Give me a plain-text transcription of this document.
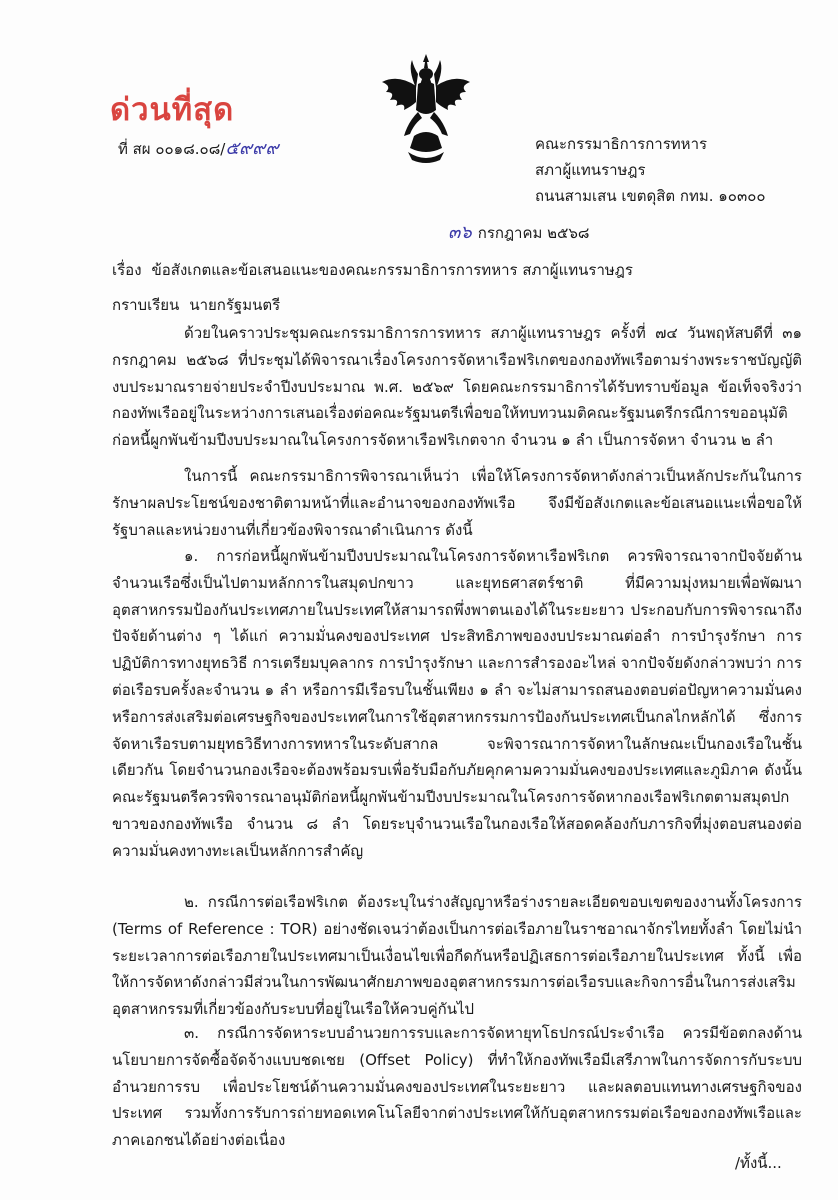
ด่วนที่สุด
ที่ สผ ๐๐๑๘.๐๘/๕๙๙๙	คณะกรรมาธิการการทหาร
สภาผู้แทนราษฎร
ถนนสามเสน เขตดุสิต กทม. ๑๐๓๐๐
๓๖ กรกฎาคม ๒๕๖๘
เรื่อง ข้อสังเกตและข้อเสนอแนะของคณะกรรมาธิการการทหาร สภาผู้แทนราษฎร
กราบเรียน นายกรัฐมนตรี
ด้วยในคราวประชุมคณะกรรมาธิการการทหาร สภาผู้แทนราษฎร ครั้งที่ ๗๔ วันพฤหัสบดีที่ ๓๑ กรกฎาคม ๒๕๖๘ ที่ประชุมได้พิจารณาเรื่องโครงการจัดหาเรือฟริเกตของกองทัพเรือตามร่างพระราชบัญญัติงบประมาณรายจ่ายประจำปีงบประมาณ พ.ศ. ๒๕๖๙ โดยคณะกรรมาธิการได้รับทราบข้อมูล ข้อเท็จจริงว่า กองทัพเรืออยู่ในระหว่างการเสนอเรื่องต่อคณะรัฐมนตรีเพื่อขอให้ทบทวนมติคณะรัฐมนตรีกรณีการขออนุมัติก่อหนี้ผูกพันข้ามปีงบประมาณในโครงการจัดหาเรือฟริเกตจาก จำนวน ๑ ลำ เป็นการจัดหา จำนวน ๒ ลำ
ในการนี้ คณะกรรมาธิการพิจารณาเห็นว่า เพื่อให้โครงการจัดหาดังกล่าวเป็นหลักประกันในการรักษาผลประโยชน์ของชาติตามหน้าที่และอำนาจของกองทัพเรือ จึงมีข้อสังเกตและข้อเสนอแนะเพื่อขอให้รัฐบาลและหน่วยงานที่เกี่ยวข้องพิจารณาดำเนินการ ดังนี้
๑. การก่อหนี้ผูกพันข้ามปีงบประมาณในโครงการจัดหาเรือฟริเกต ควรพิจารณาจากปัจจัยด้านจำนวนเรือซึ่งเป็นไปตามหลักการในสมุดปกขาว และยุทธศาสตร์ชาติ ที่มีความมุ่งหมายเพื่อพัฒนาอุตสาหกรรมป้องกันประเทศภายในประเทศให้สามารถพึ่งพาตนเองได้ในระยะยาว ประกอบกับการพิจารณาถึงปัจจัยด้านต่าง ๆ ได้แก่ ความมั่นคงของประเทศ ประสิทธิภาพของงบประมาณต่อลำ การบำรุงรักษา การปฏิบัติการทางยุทธวิธี การเตรียมบุคลากร การบำรุงรักษา และการสำรองอะไหล่ จากปัจจัยดังกล่าวพบว่า การต่อเรือรบครั้งละจำนวน ๑ ลำ หรือการมีเรือรบในชั้นเพียง ๑ ลำ จะไม่สามารถสนองตอบต่อปัญหาความมั่นคงหรือการส่งเสริมต่อเศรษฐกิจของประเทศในการใช้อุตสาหกรรมการป้องกันประเทศเป็นกลไกหลักได้ ซึ่งการจัดหาเรือรบตามยุทธวิธีทางการทหารในระดับสากล จะพิจารณาการจัดหาในลักษณะเป็นกองเรือในชั้นเดียวกัน โดยจำนวนกองเรือจะต้องพร้อมรบเพื่อรับมือกับภัยคุกคามความมั่นคงของประเทศและภูมิภาค ดังนั้น คณะรัฐมนตรีควรพิจารณาอนุมัติก่อหนี้ผูกพันข้ามปีงบประมาณในโครงการจัดหากองเรือฟริเกตตามสมุดปกขาวของกองทัพเรือ จำนวน ๘ ลำ โดยระบุจำนวนเรือในกองเรือให้สอดคล้องกับภารกิจที่มุ่งตอบสนองต่อความมั่นคงทางทะเลเป็นหลักการสำคัญ
๒. กรณีการต่อเรือฟริเกต ต้องระบุในร่างสัญญาหรือร่างรายละเอียดขอบเขตของงานทั้งโครงการ (Terms of Reference : TOR) อย่างชัดเจนว่าต้องเป็นการต่อเรือภายในราชอาณาจักรไทยทั้งลำ โดยไม่นำระยะเวลาการต่อเรือภายในประเทศมาเป็นเงื่อนไขเพื่อกีดกันหรือปฏิเสธการต่อเรือภายในประเทศ ทั้งนี้ เพื่อให้การจัดหาดังกล่าวมีส่วนในการพัฒนาศักยภาพของอุตสาหกรรมการต่อเรือรบและกิจการอื่นในการส่งเสริมอุตสาหกรรมที่เกี่ยวข้องกับระบบที่อยู่ในเรือให้ควบคู่กันไป
๓. กรณีการจัดหาระบบอำนวยการรบและการจัดหายุทโธปกรณ์ประจำเรือ ควรมีข้อตกลงด้านนโยบายการจัดซื้อจัดจ้างแบบชดเชย (Offset Policy) ที่ทำให้กองทัพเรือมีเสรีภาพในการจัดการกับระบบอำนวยการรบ เพื่อประโยชน์ด้านความมั่นคงของประเทศในระยะยาว และผลตอบแทนทางเศรษฐกิจของประเทศ รวมทั้งการรับการถ่ายทอดเทคโนโลยีจากต่างประเทศให้กับอุตสาหกรรมต่อเรือของกองทัพเรือและภาคเอกชนได้อย่างต่อเนื่อง
/ทั้งนี้...
